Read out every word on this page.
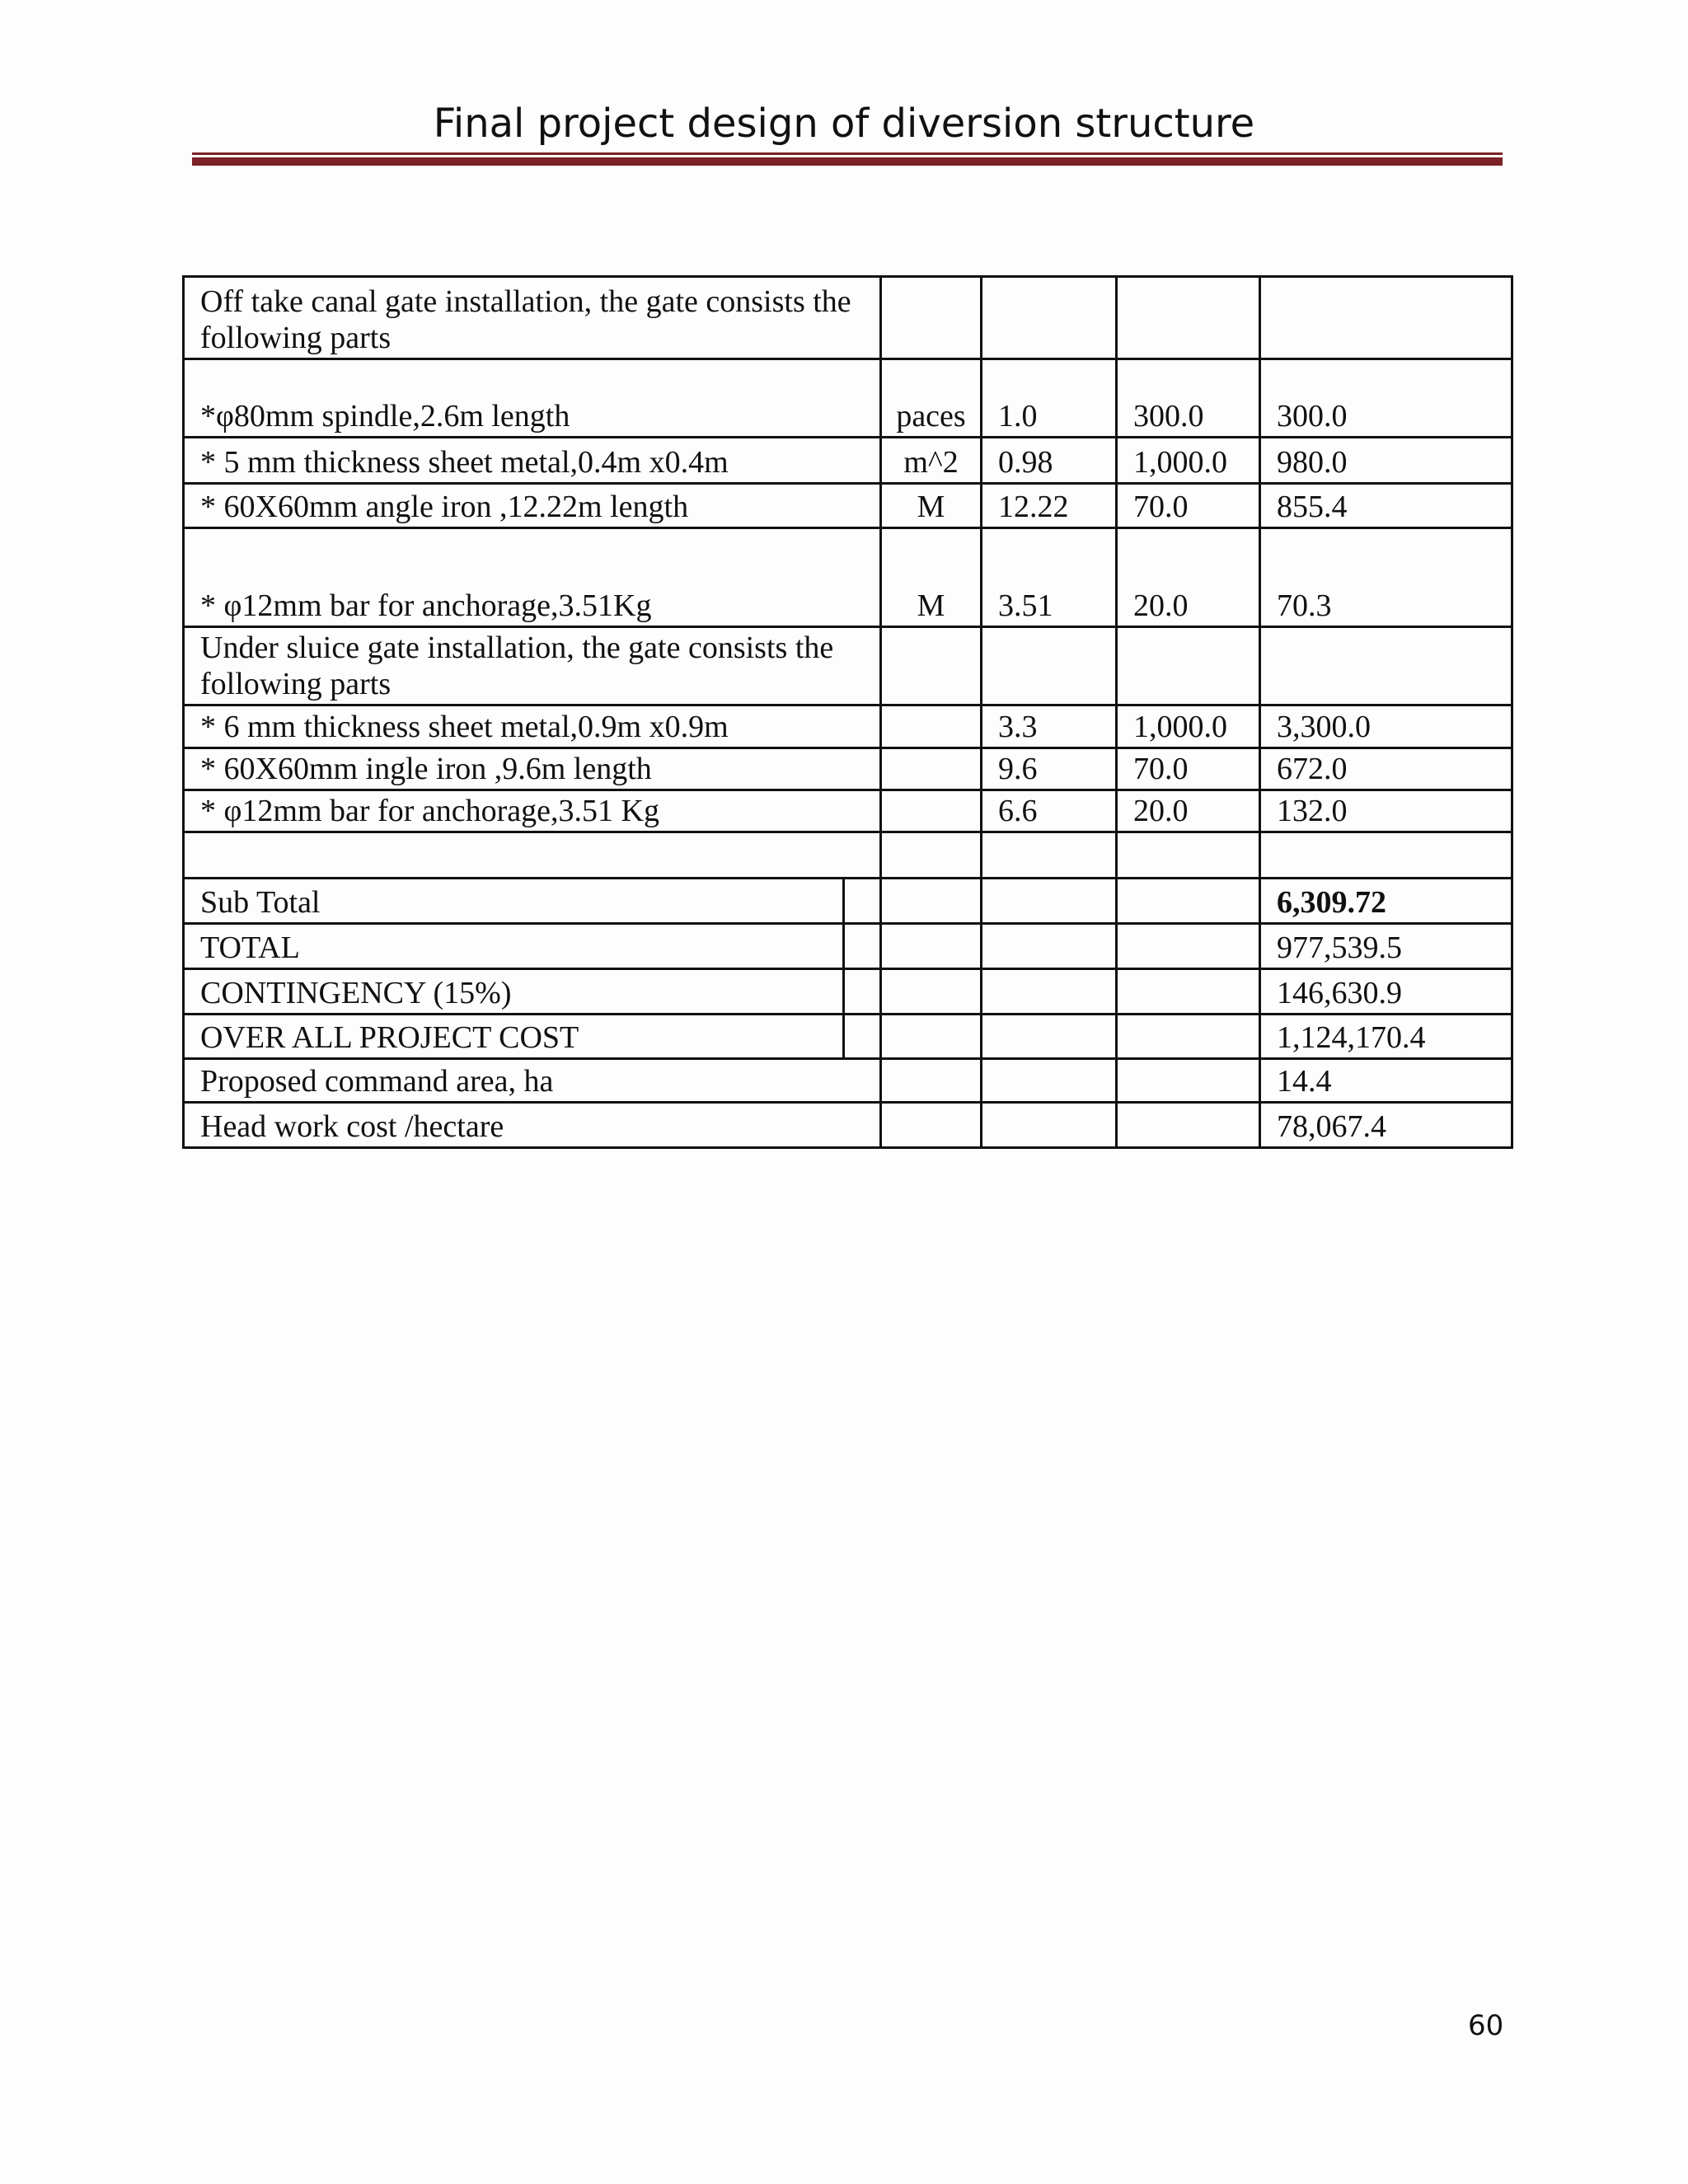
Final project design of diversion structure
Off take canal gate installation, the gate consists the following parts					
*φ80mm spindle,2.6m length		paces	1.0	300.0	300.0
* 5 mm thickness sheet metal,0.4m x0.4m		m^2	0.98	1,000.0	980.0
* 60X60mm angle iron ,12.22m length		M	12.22	70.0	855.4
* φ12mm bar for anchorage,3.51Kg		M	3.51	20.0	70.3
Under sluice gate installation, the gate consists the following parts					
* 6 mm thickness sheet metal,0.9m x0.9m			3.3	1,000.0	3,300.0
* 60X60mm ingle iron ,9.6m length			9.6	70.0	672.0
* φ12mm bar for anchorage,3.51 Kg			6.6	20.0	132.0

Sub Total					6,309.72
TOTAL					977,539.5
CONTINGENCY (15%)					146,630.9
OVER ALL PROJECT COST					1,124,170.4
Proposed command area, ha					14.4
Head work cost /hectare					78,067.4
60
